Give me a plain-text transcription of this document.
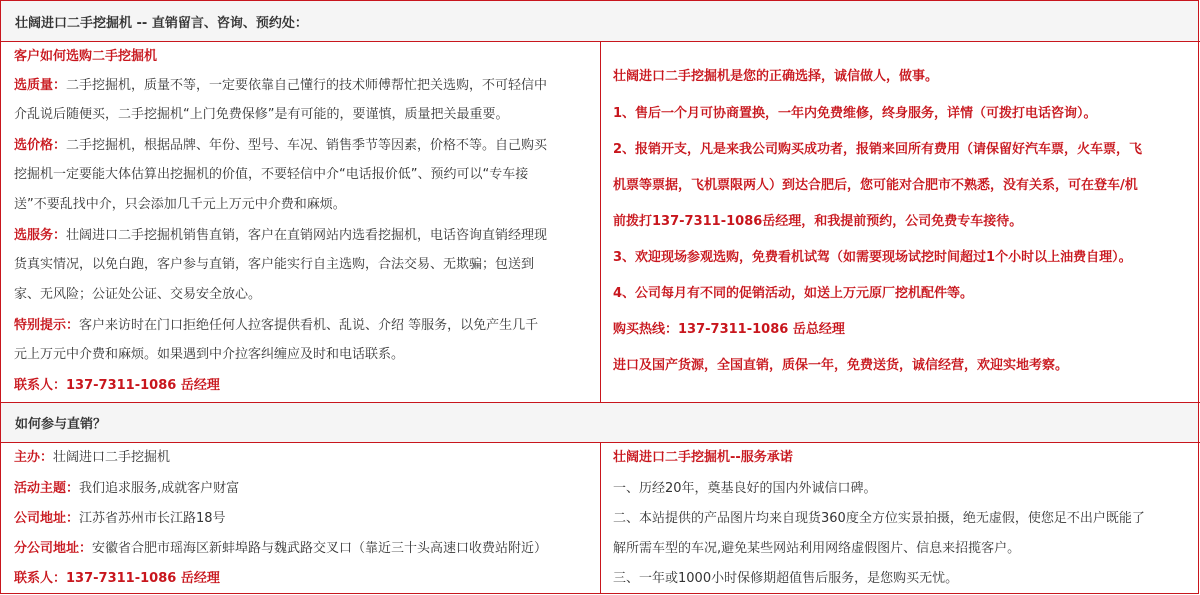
壮阔进口二手挖掘机 -- 直销留言、咨询、预约处：
客户如何选购二手挖掘机
选质量：二手挖掘机，质量不等，一定要依靠自己懂行的技术师傅帮忙把关选购，不可轻信中
介乱说后随便买，二手挖掘机“上门免费保修”是有可能的，要谨慎，质量把关最重要。
选价格：二手挖掘机，根据品牌、年份、型号、车况、销售季节等因素，价格不等。自己购买
挖掘机一定要能大体估算出挖掘机的价值，不要轻信中介“电话报价低”、预约可以“专车接
送”不要乱找中介，只会添加几千元上万元中介费和麻烦。
选服务：壮阔进口二手挖掘机销售直销，客户在直销网站内选看挖掘机，电话咨询直销经理现
货真实情况，以免白跑，客户参与直销，客户能实行自主选购，合法交易、无欺骗；包送到
家、无风险；公证处公证、交易安全放心。
特别提示：客户来访时在门口拒绝任何人拉客提供看机、乱说、介绍 等服务，以免产生几千
元上万元中介费和麻烦。如果遇到中介拉客纠缠应及时和电话联系。
联系人：137-7311-1086 岳经理
壮阔进口二手挖掘机是您的正确选择，诚信做人，做事。
1、售后一个月可协商置换，一年内免费维修，终身服务，详情（可拨打电话咨询）。
2、报销开支，凡是来我公司购买成功者，报销来回所有费用（请保留好汽车票，火车票，飞
机票等票据，飞机票限两人）到达合肥后，您可能对合肥市不熟悉，没有关系，可在登车/机
前拨打137-7311-1086岳经理，和我提前预约，公司免费专车接待。
3、欢迎现场参观选购，免费看机试驾（如需要现场试挖时间超过1个小时以上油费自理）。
4、公司每月有不同的促销活动，如送上万元原厂挖机配件等。
购买热线：137-7311-1086 岳总经理
进口及国产货源，全国直销，质保一年，免费送货，诚信经营，欢迎实地考察。
如何参与直销？
主办：壮阔进口二手挖掘机
活动主题：我们追求服务,成就客户财富
公司地址：江苏省苏州市长江路18号
分公司地址：安徽省合肥市瑶海区新蚌埠路与魏武路交叉口（靠近三十头高速口收费站附近）
联系人：137-7311-1086 岳经理
壮阔进口二手挖掘机--服务承诺
一、历经20年，奠基良好的国内外诚信口碑。
二、本站提供的产品图片均来自现货360度全方位实景拍摄，绝无虚假，使您足不出户既能了
解所需车型的车况,避免某些网站利用网络虚假图片、信息来招揽客户。
三、一年或1000小时保修期超值售后服务，是您购买无忧。
